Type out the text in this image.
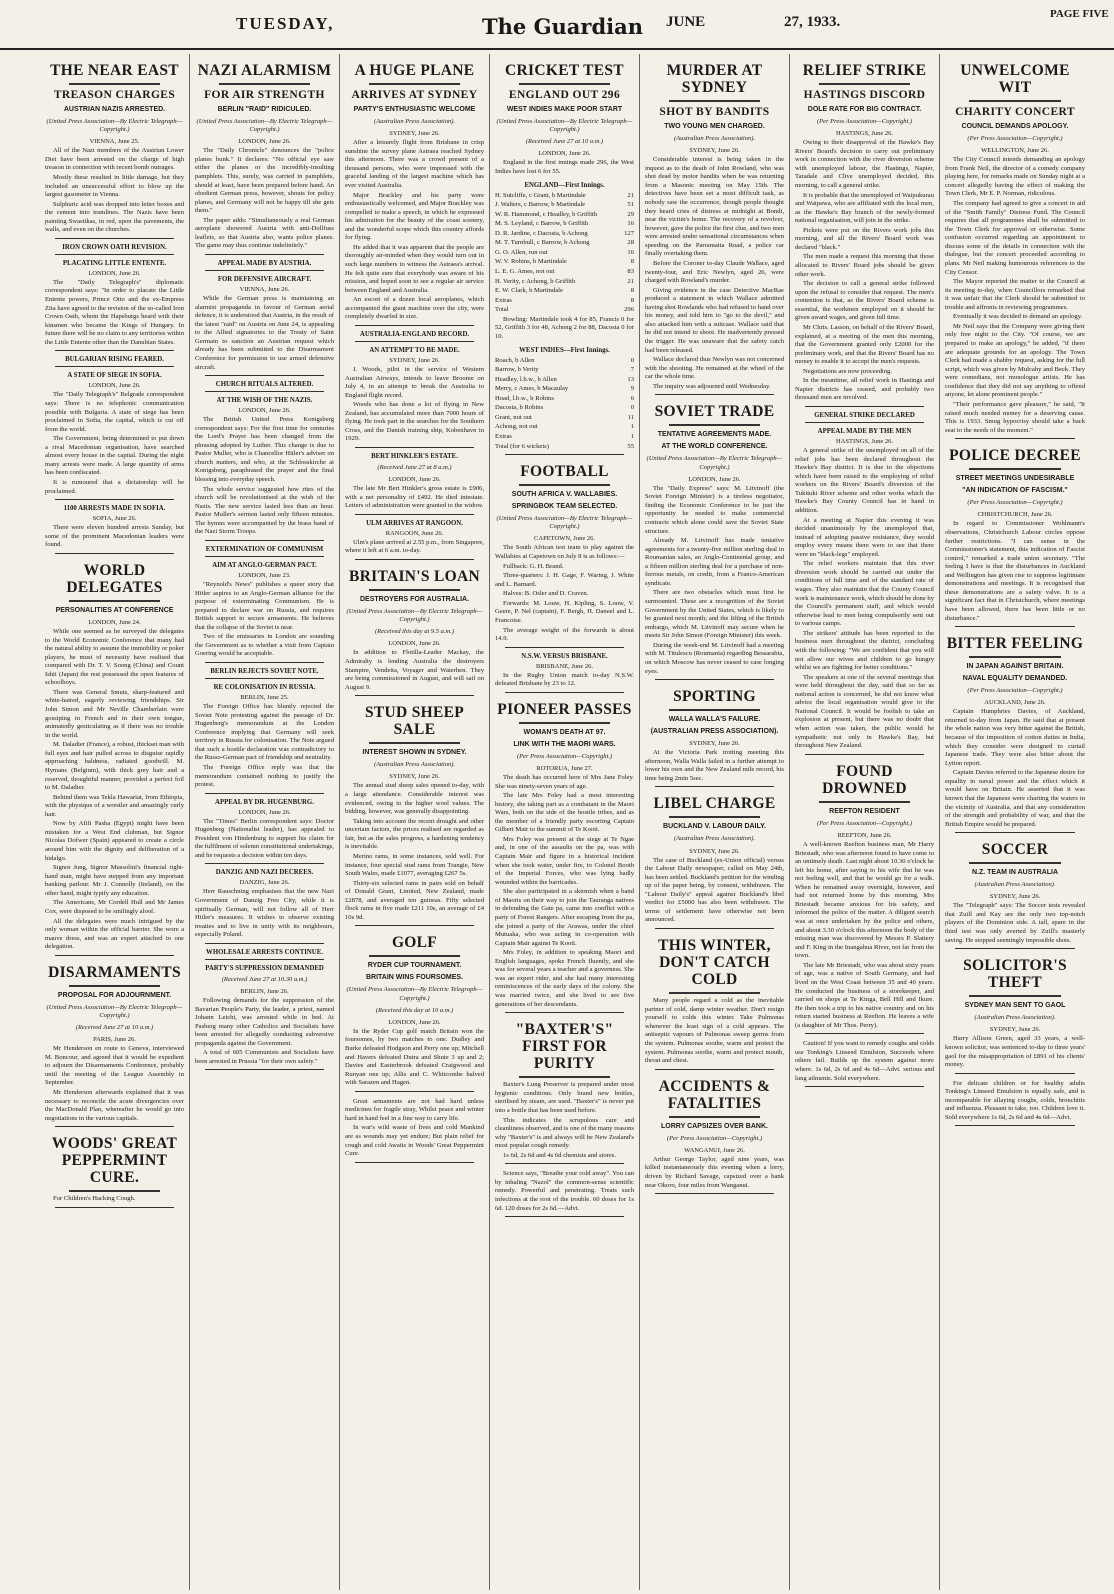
TUESDAY,	The Guardian JUNE	27, 1933.	PAGE FIVE
THE NEAR EAST
TREASON CHARGES
AUSTRIAN NAZIS ARRESTED.
(United Press Association—By Electric Telegraph—Copyright.)
VIENNA, June 25.

All of the Nazi members of the Austrian Lower Diet have been arrested on the charge of high treason in connection with recent bomb outrages.

Mostly these resulted in little damage, but they included an unsuccessful effort to blow up the largest gasometer in Vienna.

Sulphuric acid was dropped into letter boxes and the cement into tramlines. The Nazis have been painting Swastikas, in red, upon the pavements, the walls, and even on the churches.

IRON CROWN OATH REVISION.
PLACATING LITTLE ENTENTE.
LONDON, June 26.

The "Daily Telegraph's" diplomatic correspondent says: "In order to placate the Little Entente powers, Prince Otto and the ex-Empress Zita have agreed to the revision of the so-called Iron Crown Oath, whom the Hapsburgs heard with their kinsmen who became the Kings of Hungary. In future there will be no claim to any territories within the Little Entente other than the Danubian States.

BULGARIAN RISING FEARED.
A STATE OF SIEGE IN SOFIA.
LONDON, June 26.

The "Daily Telegraph's" Belgrade correspondent says: There is no telephonic communication possible with Bulgaria. A state of siege has been proclaimed in Sofia, the capital, which is cut off from the world.

The Government, being determined to put down a rival Macedonian organisation, have searched almost every house in the capital. During the night many arrests were made. A large quantity of arms has been confiscated.

It is rumoured that a dictatorship will be proclaimed.

1100 ARRESTS MADE IN SOFIA.
SOFIA, June 26.

There were eleven hundred arrests Sunday, but some of the prominent Macedonian leaders were found.

WORLD DELEGATES
PERSONALITIES AT CONFERENCE
LONDON, June 24.

While one seemed as he surveyed the delegates to the World Economic Conference that many had the natural ability to assume the immobility or poker players, he must of necessity have realised that compared with Dr. T. V. Soong (China) and Count Ishii (Japan) the rest possessed the open features of schoolboys.

There was General Smuts, sharp-featured and white-haired, eagerly reviewing friendships. Sir John Simon and Mr Neville Chamberlain were gossiping in French and in their own tongue, animatedly gesticulating as if there was no trouble in the world.

M. Daladier (France), a robust, thickset man with full eyes and hair pulled across to disguise rapidly approaching baldness, radiated goodwill. M. Hymans (Belgium), with thick grey hair and a reserved, thoughtful manner, provided a perfect foil to M. Daladier.

Behind them was Tekla Hawariat, from Ethiopia, with the physique of a wrestler and amazingly curly hair.

Now by Afifi Pasha (Egypt) might have been mistaken for a West End clubman, but Signor Nicolas Dofwer (Spain) appeared to create a circle around him with the dignity and deliberation of a hidalgo.

Signor Jung, Signor Mussolini's financial right-hand man, might have stepped from any important banking parlour. Mr J. Connolly (Ireland), on the other hand, might typify any education.

The Americans, Mr Cordell Hull and Mr James Cox, were disposed to be smilingly aloof.

All the delegates were much intrigued by the only woman within the official barrier. She wore a mauve dress, and was an expert attached to one delegation.

DISARMAMENTS
PROPOSAL FOR ADJOURNMENT.
(United Press Association—By Electric Telegraph—Copyright.)
(Received June 27 at 10 a.m.)
PARIS, June 26.

Mr Henderson en route to Geneva, interviewed M. Boncour, and agreed that it would be expedient to adjourn the Disarmaments Conference, probably until the meeting of the League Assembly in September.

Mr Henderson afterwards explained that it was necessary to reconcile the acute divergencies over the MacDonald Plan, whereafter he would go into negotiations in the various capitals.

WOODS' GREAT PEPPERMINT CURE.

For Children's Hacking Cough.

NAZI ALARMISM
FOR AIR STRENGTH
BERLIN "RAID" RIDICULED.
(United Press Association—By Electric Telegraph—Copyright.)
LONDON, June 26.

The "Daily Chronicle" denounces the "police planes bunk." It declares: "No official eye saw either the planes or the incredibly-insulting pamphlets. This, surely, was carried in pamphlets, should at least, have been prepared before hand. An obedient German press, however, shouts for policy planes, and Germany will not be happy till she gets them."

The paper adds: "Simultaneously a real German aeroplane showered Austria with anti-Dollfuss leaflets, so that Austria also, wants police planes. The game may thus continue indefinitely."

APPEAL MADE BY AUSTRIA.
FOR DEFENSIVE AIRCRAFT.
VIENNA, June 26.

While the German press is maintaining an alarmist propaganda in favour of German aerial defence, it is understood that Austria, in the result of the latest "raid" on Austria on June 24, is appealing to the Allied signatories to the Treaty of Saint Germain to sanction an Austrian request which already has been submitted to the Disarmament Conference for permission to use armed defensive aircraft.

CHURCH RITUALS ALTERED.
AT THE WISH OF THE NAZIS.
LONDON, June 26.

The British United Press Konigsberg correspondent says: For the first time for centuries the Lord's Prayer has been changed from the phrasing adopted by Luther. This change is due to Pastor Muller, who is Chancellor Hitler's adviser on church matters, and who, at the Schlosskirche at Konigsberg, paraphrased the prayer and the final blessing into everyday speech.

The whole service suggested how rites of the church will be revolutionised at the wish of the Nazis. The new service lasted less than an hour. Pastor Muller's sermon lasted only fifteen minutes. The hymns were accompanied by the brass band of the Nazi Storm Troops.

EXTERMINATION OF COMMUNISM
AIM AT ANGLO-GERMAN PACT.
LONDON, June 23.

"Reynold's News" publishes a queer story that Hitler aspires to an Anglo-German alliance for the purpose of exterminating Communism. He is prepared to declare war on Russia, and requires British support to secure armaments. He believes that the collapse of the Soviet is near.

Two of the emissaries in London are sounding the Government as to whether a visit from Captain Goering would be acceptable.

BERLIN REJECTS SOVIET NOTE.
RE COLONISATION IN RUSSIA.
BERLIN, June 25.

The Foreign Office has bluntly rejected the Soviet Note protesting against the passage of Dr. Hugenberg's memorandum at the London Conference implying that Germany will seek territory in Russia for colonisation. The Note argued that such a hostile declaration was contradictory to the Russo-German pact of friendship and neutrality.

The Foreign Office reply was that the memorandum contained nothing to justify the protest.

APPEAL BY DR. HUGENBURG.
LONDON, June 26.

The "Times" Berlin correspondent says: Doctor Hugenberg (Nationalist leader), has appealed to President von Hindenburg to support his claim for the fulfilment of solemn constitutional undertakings, and he requests a decision within ten days.

DANZIG AND NAZI DECREES.
DANZIG, June 26.

Herr Rauschning emphasises that the new Nazi Government of Danzig Free City, while it is spiritually German, will not follow all of Herr Hitler's measures. It wishes to observe existing treaties and to live in unity with its neighbours, especially Poland.

WHOLESALE ARRESTS CONTINUE.
PARTY'S SUPPRESSION DEMANDED
(Received June 27 at 10.30 a.m.)
BERLIN, June 26.

Following demands for the suppression of the Bavarian People's Party, the leader, a priest, named Johann Leicht, was arrested while in bed. At Pasberg many other Catholics and Socialists have been arrested for allegedly conducting subversive propaganda against the Government.

A total of 605 Communists and Socialists have been arrested in Prussia "for their own safety."

A HUGE PLANE
ARRIVES AT SYDNEY
PARTY'S ENTHUSIASTIC WELCOME
(Australian Press Association).
SYDNEY, June 26.

After a leisurely flight from Brisbane in crisp sunshine the survey plane Astraea reached Sydney this afternoon. There was a crowd present of a thousand persons, who were impressed with the graceful landing of the largest machine which has ever visited Australia.

Major Brackley and his party were enthusiastically welcomed, and Major Brackley was compelled to make a speech, in which he expressed his admiration for the beauty of the coast scenery, and the wonderful scope which this country affords for flying.

He added that it was apparent that the people are thoroughly air-minded when they would turn out in such large numbers to witness the Astraea's arrival. He felt quite sure that everybody was aware of his mission, and hoped soon to see a regular air service between England and Australia.

An escort of a dozen local aeroplanes, which accompanied the giant machine over the city, were completely dwarfed in size.

AUSTRALIA-ENGLAND RECORD.
AN ATTEMPT TO BE MADE.
SYDNEY, June 26.

J. Woods, pilot in the service of Western Australian Airways, intends to leave Broome on July 4, in an attempt to break the Australia to England flight record.

Woods who has done a lot of flying in New Zealand, has accumulated more than 7000 hours of flying. He took part in the searches for the Southern Cross, and the Danish training ship, Kobenhavn in 1929.

BERT HINKLER'S ESTATE.
(Received June 27 at 8 a.m.)
LONDON, June 26.

The late Mr Bert Hinkler's gross estate is £906, with a net personality of £492. He died intestate. Letters of administration were granted to the widow.

ULM ARRIVES AT RANGOON.
RANGOON, June 26.

Ulm's plane arrived at 2.55 p.m., from Singapore, where it left at 6 a.m. to-day.

BRITAIN'S LOAN
DESTROYERS FOR AUSTRALIA.
(United Press Association—By Electric Telegraph—Copyright.)
(Received this day at 9.5 a.m.)
LONDON, June 26.

In addition to Flotilla-Leader Mackay, the Admiralty is lending Australia the destroyers Stampire, Vendetta, Voyager and Waterhen. They are being commissioned in August, and will sail on August 9.

STUD SHEEP SALE
INTEREST SHOWN IN SYDNEY.
(Australian Press Association).
SYDNEY, June 26.

The annual stud sheep sales opened to-day, with a large attendance. Considerable interest was evidenced, owing to the higher wool values. The bidding, however, was generally disappointing.

Taking into account the recent drought and other uncertain factors, the prices realised are regarded as fair, but as the sales progress, a hardening tendency is inevitable.

Merino rams, in some instances, sold well. For instance, four special stud rams from Trangie, New South Wales, made £1077, averaging £267 5s.

Thirty-six selected rams in pairs sold on behalf of Donald Grant, Limited, New Zealand, made £2878, and averaged ten guineas. Fifty selected flock rams in five made £211 10s, an average of £4 10s 9d.

GOLF
RYDER CUP TOURNAMENT.
BRITAIN WINS FOURSOMES.
(United Press Association—By Electric Telegraph—Copyright.)
(Received this day at 10 a.m.)
LONDON, June 26.

In the Ryder Cup golf match Britain won the foursomes, by two matches to one. Dudley and Burke defeated Hodgson and Perry one up; Mitchell and Havers defeated Dutra and Shute 3 up and 2; Davies and Easterbrook defeated Craigwood and Runyan one up; Allis and C. Whitcombe halved with Sarazen and Hagen.

Great armaments are not had hard unless medicines for fragile stray, Whilst peace and winter hard in hand feel in a fine way to carry life.

In war's wild waste of lives and cold Mankind are as wounds may yet endure; But plain relief for cough and cold Awaits in Woods' Great Peppermint Cure.

CRICKET TEST
ENGLAND OUT 296
WEST INDIES MAKE POOR START
(United Press Association—By Electric Telegraph—Copyright.)
(Received June 27 at 10 a.m.)
LONDON, June 26.

England in the first innings made 296, the West Indies have lost 6 for 55.

ENGLAND—First Innings.
H. Sutcliffe, c Grant, b Martindale	21
J. Walters, c Barrow, b Martindale	51
W. R. Hammond, c Headley, b Griffith	29
M. S. Leyland, c Barrow, b Griffith	16
D. R. Jardine, c Dacosta, b Achong	127
M. T. Turnbull, c Barrow, b Achong	28
G. O. Allen, run out	16
W. V. Robins, b Martindale	8
L. E. G. Ames, not out	83
H. Verity, c Achong, b Griffith	21
E. W. Clark, b Martindale	8
Extras	8
Total	296

Bowling: Martindale took 4 for 85, Francis 0 for 52, Griffith 3 for 48, Achong 2 for 88, Dacosta 0 for 10.

WEST INDIES—First Innings.
Roach, b Allen	0
Barrow, b Verity	7
Headley, l.b.w., b Allen	13
Merry, c Ames, b Macaulay	9
Hoad, l.b.w., b Robins	6
Dacosta, b Robins	0
Grant, not out	11
Achong, not out	1
Extras	1
Total (for 6 wickets)	55
FOOTBALL
SOUTH AFRICA V. WALLABIES.
SPRINGBOK TEAM SELECTED.
(United Press Association—By Electric Telegraph—Copyright.)
CAPETOWN, June 26.

The South African test team to play against the Wallabies at Capetown on July 8 is as follows:—

Fullback: G. H. Brand.

Three-quarters: J. H. Gage, F. Waring, J. White and L. Barnard.

Halves: B. Osler and D. Craven.

Forwards: M. Louw, H. Kipling, S. Louw, V. Geere, P. Nel (captain), F. Bergh, H. Daneel and L. Francoise.

The average weight of the forwards is about 14.9.

N.S.W. VERSUS BRISBANE.
BRISBANE, June 26.

In the Rugby Union match to-day N.S.W. defeated Brisbane by 23 to 12.

PIONEER PASSES
WOMAN'S DEATH AT 97.
LINK WITH THE MAORI WARS.
(Per Press Association—Copyright.)
ROTORUA, June 27.

The death has occurred here of Mrs Jane Foley. She was ninety-seven years of age.

The late Mrs Foley had a most interesting history, she taking part as a combatant in the Maori Wars, both on the side of the hostile tribes, and as the member of a friendly party escorting Captain Gilbert Mair to the summit of Te Kooti.

Mrs Foley was present at the siege at Te Ngae and, in one of the assaults on the pa, was with Captain Mair and figure in a historical incident when she took water, under fire, to Colonel Booth of the Imperial Forces, who was lying badly wounded within the barricades.

She also participated in a skirmish when a band of Maoris on their way to join the Tauranga natives in defending the Gate pa, came into conflict with a party of Forest Rangers. After escaping from the pa, she joined a party of the Arawas, under the chief Mutuaka, who was acting in co-operation with Captain Mair against Te Kooti.

Mrs Foley, in addition to speaking Maori and English languages, spoke French fluently, and she was for several years a teacher and a governess. She was an expert rider, and she had many interesting reminiscences of the early days of the colony. She was married twice, and she lived to see five generations of her descendants.

"BAXTER'S" FIRST FOR PURITY

Baxter's Lung Preserver is prepared under most hygienic conditions. Only brand new bottles, sterilised by steam, are used. "Baxter's" is never put into a bottle that has been used before.

This indicates the scrupulous care and cleanliness observed, and is one of the many reasons why "Baxter's" is and always will be New Zealand's most popular cough remedy.

1s 6d, 2s 6d and 4s 6d chemists and stores.

Science says, "Breathe your cold away". You can by inhaling "Nazol" the common-sense scientific remedy. Powerful and penetrating. Treats such infections at the root of the trouble. 60 doses for 1s 6d. 120 doses for 2s 6d.—Advt.

MURDER AT SYDNEY
SHOT BY BANDITS
TWO YOUNG MEN CHARGED.
(Australian Press Association).
SYDNEY, June 26.

Considerable interest is being taken in the inquest as to the death of John Rowland, who was shot dead by motor bandits when he was returning from a Masonic meeting on May 15th. The detectives have been set a most difficult task, as nobody saw the occurrence, though people thought they heard cries of distress at midnight at Bondi, near the victim's home. The recovery of a revolver, however, gave the police the first clue, and two men were arrested under sensational circumstances when speeding on the Parramatta Road, a police car finally overtaking them.

Before the Coroner to-day Claude Wallace, aged twenty-four, and Eric Newlyn, aged 26, were charged with Rowland's murder.

Giving evidence in the case Detective MacRae produced a statement in which Wallace admitted having shot Rowlands who had refused to hand over his money, and told him to "go to the devil," and also attacked him with a suitcase. Wallace said that he did not intend to shoot. He inadvertently pressed the trigger. He was unaware that the safety catch had been released.

Wallace declared thus Newlyn was not concerned with the shooting. He remained at the wheel of the car the whole time.

The inquiry was adjourned until Wednesday.

SOVIET TRADE
TENTATIVE AGREEMENTS MADE.
AT THE WORLD CONFERENCE.
(United Press Association—By Electric Telegraph—Copyright.)
LONDON, June 26.

The "Daily Express" says: M. Litvinoff (the Soviet Foreign Minister) is a tireless negotiator, finding the Economic Conference to be just the opportunity he needed to make commercial contracts which alone could save the Soviet State structure.

Already M. Litvinoff has made tentative agreements for a twenty-five million sterling deal in Roumanian sales, an Anglo-Continental group, and a fifteen million sterling deal for a purchase of non-ferrous metals, on credit, from a Franco-American syndicate.

There are two obstacles which must first be surmounted. These are a recognition of the Soviet Government by the United States, which is likely to be granted next month; and the lifting of the British embargo, which M. Litvinoff may secure when he meets Sir John Simon (Foreign Minister) this week.

During the week-end M. Litvinoff had a meeting with M. Titulescu (Roumania) regarding Bessarabia, on which Moscow has never ceased to case longing eyes.

SPORTING
WALLA WALLA'S FAILURE.
(AUSTRALIAN PRESS ASSOCIATION).
SYDNEY, June 26.

At the Victoria Park trotting meeting this afternoon, Walla Walla failed in a further attempt to lower his own and the New Zealand mile record, his time being 2min 5sec.

LIBEL CHARGE
BUCKLAND V. LABOUR DAILY.
(Australian Press Association).
SYDNEY, June 26.

The case of Buckland (ex-Union official) versus the Labour Daily newspaper, called on May 24th, has been settled. Buckland's petition for the winding up of the paper being, by consent, withdrawn. The "Labour Daily's" appeal against Buckland's libel verdict for £5000 has also been withdrawn. The terms of settlement have otherwise not been announced.

THIS WINTER, DON'T CATCH COLD

Many people regard a cold as the inevitable partner of cold, damp winter weather. Don't resign yourself to colds this winter. Take Pulmonas whenever the least sign of a cold appears. The antiseptic vapours of Pulmonas sweep germs from the system. Pulmonas soothe, warm and protect the system. Pulmonas soothe, warm and protect mouth, throat and chest.

ACCIDENTS & FATALITIES
LORRY CAPSIZES OVER BANK.
(Per Press Association—Copyright.)
WANGANUI, June 26.

Arthur George Taylor, aged nine years, was killed instantaneously this evening when a lorry, driven by Richard Savage, capsized over a bank near Okoro, four miles from Wanganui.

RELIEF STRIKE
HASTINGS DISCORD
DOLE RATE FOR BIG CONTRACT.
(Per Press Association—Copyright.)
HASTINGS, June 26.

Owing to their disapproval of the Hawke's Bay Rivers' Board's decision to carry out preliminary work in connection with the river diversion scheme with unemployed labour, the Hastings, Napier, Taradale and Clive unemployed decided, this morning, to call a general strike.

It is probable that the unemployed of Waipukurau and Waipawa, who are affiliated with the local men, as the Hawke's Bay branch of the newly-formed national organisation, will join in the strike.

Pickets were put on the Rivers work jobs this morning, and all the Rivers' Board work was declared "black."

The men made a request this morning that those allocated to Rivers' Board jobs should be given other work.

The decision to call a general strike followed upon the refusal to consider that request. The men's contention is that, as the Rivers' Board scheme is essential, the workmen employed on it should be given award wages, and given full time.

Mr Chris. Lasson, on behalf of the Rivers' Board, explained, at a meeting of the men this morning, that the Government granted only £2000 for the preliminary work, and that the Rivers' Board has no money to enable it to accept the men's requests.

Negotiations are now proceeding.

In the meantime, all relief work in Hastings and Napier districts has ceased, and probably two thousand men are involved.

GENERAL STRIKE DECLARED
APPEAL MADE BY THE MEN
HASTINGS, June 26.

A general strike of the unemployed on all of the relief jobs has been declared throughout the Hawke's Bay district. It is due to the objections which have been raised to the employing of relief workers on the Rivers' Board's diversion of the Tukituki River scheme and other works which the Hawke's Bay County Council has in hand in addition.

At a meeting at Napier this evening it was decided unanimously by the unemployed that, instead of adopting passive resistance, they would employ every means there were to see that there were no "black-legs" employed.

The relief workers maintain that this river diversion work should be carried out under the conditions of full time and of the standard rate of wages. They also maintain that the County Council work is maintenance work, which should be done by the Council's permanent staff, and which would otherwise lead to men being compulsorily sent out to various camps.

The strikers' attitude has been reported to the business men throughout the district, concluding with the following: "We are confident that you will not allow our wives and children to go hungry whilst we are fighting for better conditions."

The speakers at one of the several meetings that were held throughout the day, said that so far as national action is concerned, he did not know what advice the local organisation would give to the National Council. It would be foolish to take an explosion at present, but there was no doubt that when action was taken, the public would be sympathetic not only in Hawke's Bay, but throughout New Zealand.

FOUND DROWNED
REEFTON RESIDENT
(Per Press Association—Copyright.)
REEFTON, June 26.

A well-known Reefton business man, Mr Harry Briestadt, who was afternoon found to have come to an untimely death. Last night about 10.30 o'clock he left his home, after saying to his wife that he was not feeling well, and that he would go for a walk. When he remained away overnight, however, and had not returned home by this morning, Mrs Briestadt became anxious for his safety, and informed the police of the matter. A diligent search was at once undertaken by the police and others, and about 3.30 o'clock this afternoon the body of the missing man was discovered by Messrs P. Slattery and F. King in the Inangahua River, not far from the town.

The late Mr Briestadt, who was about sixty years of age, was a native of South Germany, and had lived on the West Coast between 35 and 40 years. He conducted the business of a storekeeper, and carried on shops at Te Kinga, Bell Hill and Ikure. He then took a trip to his native country and on his return started business at Reefton. He leaves a wife (a daughter of Mr Thos. Perry).

Caution! If you want to remedy coughs and colds use Tonking's Linseed Emulsion, Succeeds where others fail. Builds up the system against more where. 1s 6d, 2s 6d and 4s 6d—Advt. serious and lung ailments. Sold everywhere.

UNWELCOME WIT
CHARITY CONCERT
COUNCIL DEMANDS APOLOGY.
(Per Press Association—Copyright.)
WELLINGTON, June 26.

The City Council intends demanding an apology from Frank Neil, the director of a comedy company playing here, for remarks made on Sunday night at a concert allegedly having the effect of making the Town Clerk, Mr E. P. Norman, ridiculous.

The company had agreed to give a concert in aid of the "Smith Family" Distress Fund. The Council requires that all programmes shall be submitted to the Town Clerk for approval or otherwise. Some confusion occurred regarding an appointment to discuss some of the details in connection with the dialogue, but the concert proceeded according to plans. Mr Neil making humourous references to the City Censor.

The Mayor reported the matter to the Council at its meeting to-day, when Councillors remarked that it was unfair that the Clerk should be submitted to trouble and affronts in reviewing programmes.

Eventually it was decided to demand an apology.

Mr Neil says that the Company were giving their only free night to the City. "Of course, we are prepared to make an apology," he added, "if there are adequate grounds for an apology. The Town Clerk had made a shabby request, asking for the full script, which was given by Mulcahy and Beck. They were comedians, not monologue artists. He has confidence that they did not say anything to offend anyone, let alone prominent people."

"Their performance gave pleasure," he said, "It raised much needed money for a deserving cause. This is 1933. Smug hypocrisy should take a back seat to the needs of the moment."

POLICE DECREE
STREET MEETINGS UNDESIRABLE
"AN INDICATION OF FASCISM."
(Per Press Association—Copyright.)
CHRISTCHURCH, June 26.

In regard to Commissioner Wohlmann's observations, Christchurch Labour circles oppose further restrictions. "I can sense in the Commissioner's statement, this indication of Fascist control," remarked a trade union secretary. "The feeling I have is that the disturbances in Auckland and Wellington has given rise to suppress legitimate demonstrations and meetings. It is recognised that these demonstrations are a safety valve. It is a significant fact that in Christchurch, where meetings have been allowed, there has been little or no disturbance."

BITTER FEELING
IN JAPAN AGAINST BRITAIN.
NAVAL EQUALITY DEMANDED.
(Per Press Association—Copyright.)
AUCKLAND, June 26.

Captain Humphries Davies, of Auckland, returned to-day from Japan. He said that at present the whole nation was very bitter against the British, because of the imposition of cotton duties in India, which they consider were designed to curtail Japanese trade. They were also bitter about the Lytton report.

Captain Davies referred to the Japanese desire for equality in naval power and the effect which it would have on Britain. He asserted that it was known that the Japanese were charting the waters in the vicinity of Australia, and that any consideration of the strength and probability of war, and that the British Empire would be prepared.

SOCCER
N.Z. TEAM IN AUSTRALIA
(Australian Press Association).
SYDNEY, June 26.

The "Telegraph" says: The Soccer tests revealed that Zuill and Kay are the only two top-notch players of the Dominion side. A tall, spare in the third test was only averted by Zuill's masterly saving. He stopped seemingly impossible shots.

SOLICITOR'S THEFT
SYDNEY MAN SENT TO GAOL
(Australian Press Association).
SYDNEY, June 26.

Harry Allison Green, aged 33 years, a well-known solicitor, was sentenced to-day to three years' gaol for the misappropriation of £891 of his clients' money.

For delicate children or for healthy adults Tonking's Linseed Emulsion is equally safe, and is incomparable for allaying coughs, colds, bronchitis and influenza. Pleasant to take, too. Children love it. Sold everywhere 1s 6d, 2s 6d and 4s 6d—Advt.
